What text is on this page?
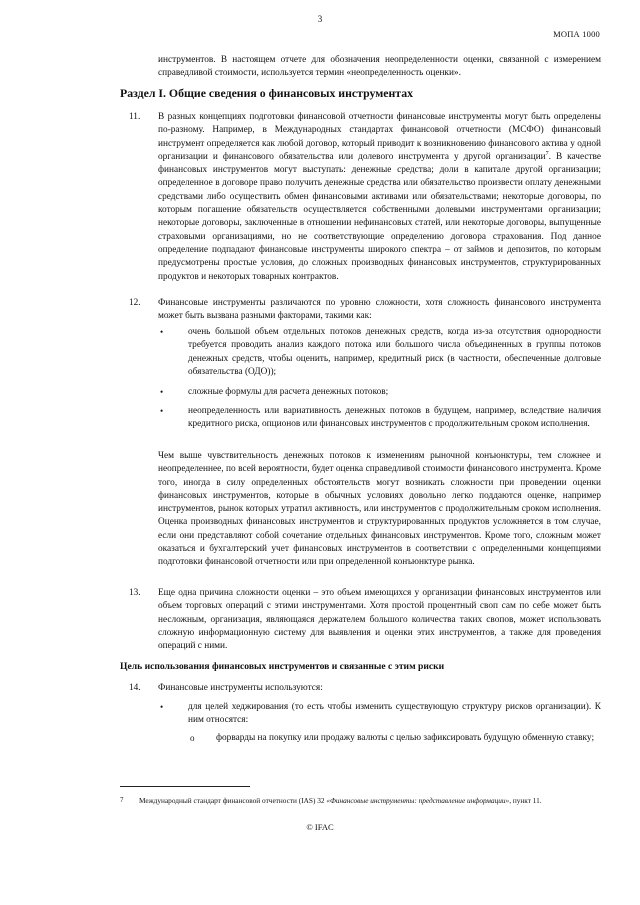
3
МОПА 1000
инструментов. В настоящем отчете для обозначения неопределенности оценки, связанной с измерением справедливой стоимости, используется термин «неопределенность оценки».
Раздел I. Общие сведения о финансовых инструментах
11. В разных концепциях подготовки финансовой отчетности финансовые инструменты могут быть определены по-разному. Например, в Международных стандартах финансовой отчетности (МСФО) финансовый инструмент определяется как любой договор, который приводит к возникновению финансового актива у одной организации и финансового обязательства или долевого инструмента у другой организации$^7$. В качестве финансовых инструментов могут выступать: денежные средства; доли в капитале другой организации; определенное в договоре право получить денежные средства или обязательство произвести оплату денежными средствами либо осуществить обмен финансовыми активами или обязательствами; некоторые договоры, по которым погашение обязательств осуществляется собственными долевыми инструментами организации; некоторые договоры, заключенные в отношении нефинансовых статей, или некоторые договоры, выпущенные страховыми организациями, но не соответствующие определению договора страхования. Под данное определение подпадают финансовые инструменты широкого спектра – от займов и депозитов, по которым предусмотрены простые условия, до сложных производных финансовых инструментов, структурированных продуктов и некоторых товарных контрактов.
12. Финансовые инструменты различаются по уровню сложности, хотя сложность финансового инструмента может быть вызвана разными факторами, такими как:
•	очень большой объем отдельных потоков денежных средств, когда из-за отсутствия однородности требуется проводить анализ каждого потока или большого числа объединенных в группы потоков денежных средств, чтобы оценить, например, кредитный риск (в частности, обеспеченные долговые обязательства (ОДО));
•	сложные формулы для расчета денежных потоков;
•	неопределенность или вариативность денежных потоков в будущем, например, вследствие наличия кредитного риска, опционов или финансовых инструментов с продолжительным сроком исполнения.
Чем выше чувствительность денежных потоков к изменениям рыночной конъюнктуры, тем сложнее и неопределеннее, по всей вероятности, будет оценка справедливой стоимости финансового инструмента. Кроме того, иногда в силу определенных обстоятельств могут возникать сложности при проведении оценки финансовых инструментов, которые в обычных условиях довольно легко поддаются оценке, например инструментов, рынок которых утратил активность, или инструментов с продолжительным сроком исполнения. Оценка производных финансовых инструментов и структурированных продуктов усложняется в том случае, если они представляют собой сочетание отдельных финансовых инструментов. Кроме того, сложным может оказаться и бухгалтерский учет финансовых инструментов в соответствии с определенными концепциями подготовки финансовой отчетности или при определенной конъюнктуре рынка.
13. Еще одна причина сложности оценки – это объем имеющихся у организации финансовых инструментов или объем торговых операций с этими инструментами. Хотя простой процентный своп сам по себе может быть несложным, организация, являющаяся держателем большого количества таких свопов, может использовать сложную информационную систему для выявления и оценки этих инструментов, а также для проведения операций с ними.
Цель использования финансовых инструментов и связанные с этим риски
14. Финансовые инструменты используются:
•	для целей хеджирования (то есть чтобы изменить существующую структуру рисков организации). К ним относятся:
o форварды на покупку или продажу валюты с целью зафиксировать будущую обменную ставку;
7 Международный стандарт финансовой отчетности (IAS) 32 «Финансовые инструменты: представление информации», пункт 11.
© IFAC
